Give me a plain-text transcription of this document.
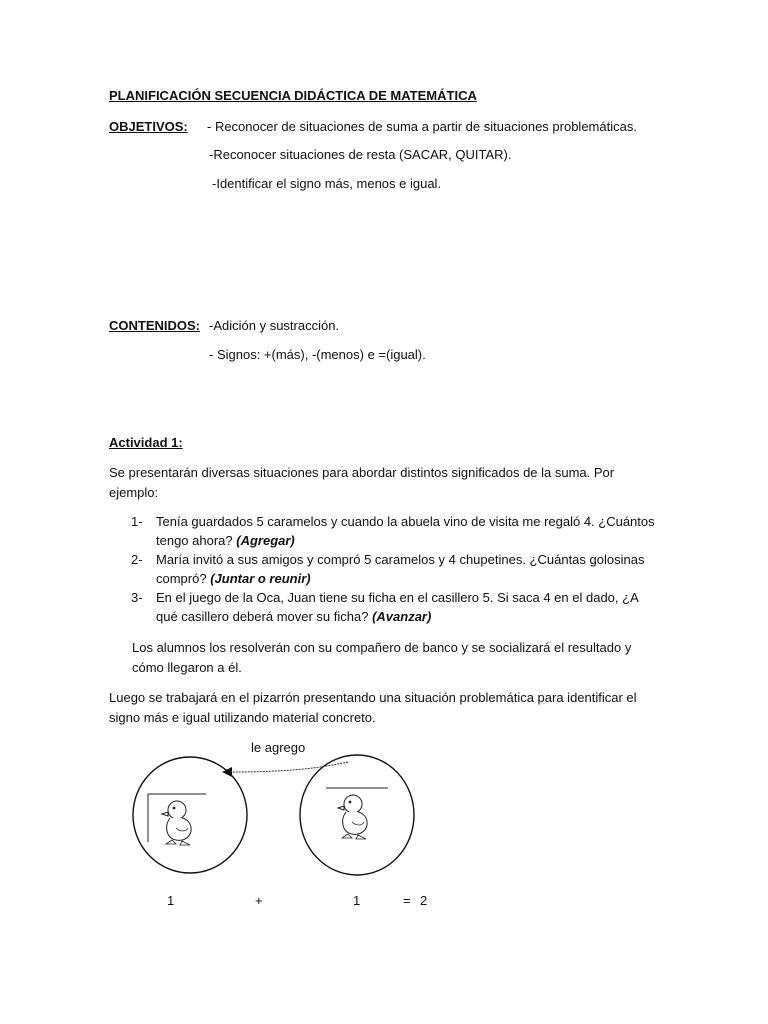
PLANIFICACIÓN SECUENCIA DIDÁCTICA DE MATEMÁTICA
OBJETIVOS: - Reconocer de situaciones de suma a partir de situaciones problemáticas.
-Reconocer situaciones de resta (SACAR, QUITAR).
-Identificar el signo más, menos e igual.
CONTENIDOS: -Adición y sustracción.
- Signos: +(más), -(menos) e =(igual).
Actividad 1:
Se presentarán diversas situaciones para abordar distintos significados de la suma. Por ejemplo:
1- Tenía guardados 5 caramelos y cuando la abuela vino de visita me regaló 4. ¿Cuántos tengo ahora? (Agregar)
2- María invitó a sus amigos y compró 5 caramelos y 4 chupetines. ¿Cuántas golosinas compró? (Juntar o reunir)
3- En el juego de la Oca, Juan tiene su ficha en el casillero 5. Si saca 4 en el dado, ¿A qué casillero deberá mover su ficha? (Avanzar)
Los alumnos los resolverán con su compañero de banco y se socializará el resultado y cómo llegaron a él.
Luego se trabajará en el pizarrón presentando una situación problemática para identificar el signo más e igual utilizando material concreto.
le agrego
1	+	1	= 2
